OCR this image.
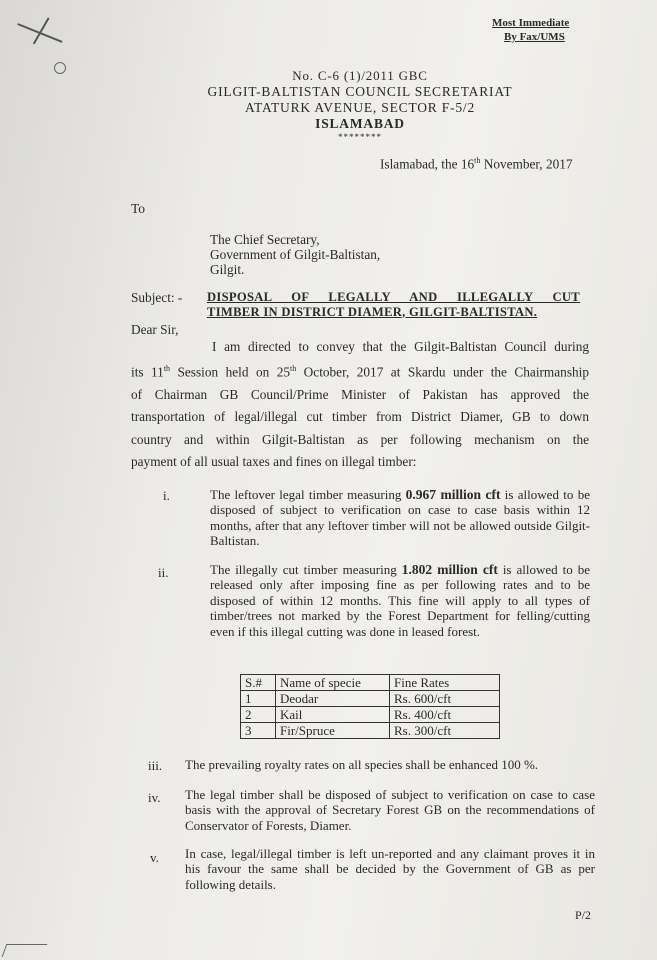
Most Immediate
By Fax/UMS
No. C-6 (1)/2011 GBC
GILGIT-BALTISTAN COUNCIL SECRETARIAT
ATATURK AVENUE, SECTOR F-5/2
ISLAMABAD
********
Islamabad, the 16th November, 2017
To
The Chief Secretary,
Government of Gilgit-Baltistan,
Gilgit.
Subject: - DISPOSAL OF LEGALLY AND ILLEGALLY CUT
TIMBER IN DISTRICT DIAMER, GILGIT-BALTISTAN.
Dear Sir,
I am directed to convey that the Gilgit-Baltistan Council during
its 11th Session held on 25th October, 2017 at Skardu under the Chairmanship
of Chairman GB Council/Prime Minister of Pakistan has approved the
transportation of legal/illegal cut timber from District Diamer, GB to down
country and within Gilgit-Baltistan as per following mechanism on the
payment of all usual taxes and fines on illegal timber:
i.	The leftover legal timber measuring 0.967 million cft is allowed to be disposed of subject to verification on case to case basis within 12 months, after that any leftover timber will not be allowed outside Gilgit-Baltistan.
ii.	The illegally cut timber measuring 1.802 million cft is allowed to be released only after imposing fine as per following rates and to be disposed of within 12 months. This fine will apply to all types of timber/trees not marked by the Forest Department for felling/cutting even if this illegal cutting was done in leased forest.
S.#	Name of specie	Fine Rates
1	Deodar	Rs. 600/cft
2	Kail	Rs. 400/cft
3	Fir/Spruce	Rs. 300/cft
iii. The prevailing royalty rates on all species shall be enhanced 100 %.
iv. The legal timber shall be disposed of subject to verification on case to case basis with the approval of Secretary Forest GB on the recommendations of Conservator of Forests, Diamer.
v. In case, legal/illegal timber is left un-reported and any claimant proves it in his favour the same shall be decided by the Government of GB as per following details.
P/2
